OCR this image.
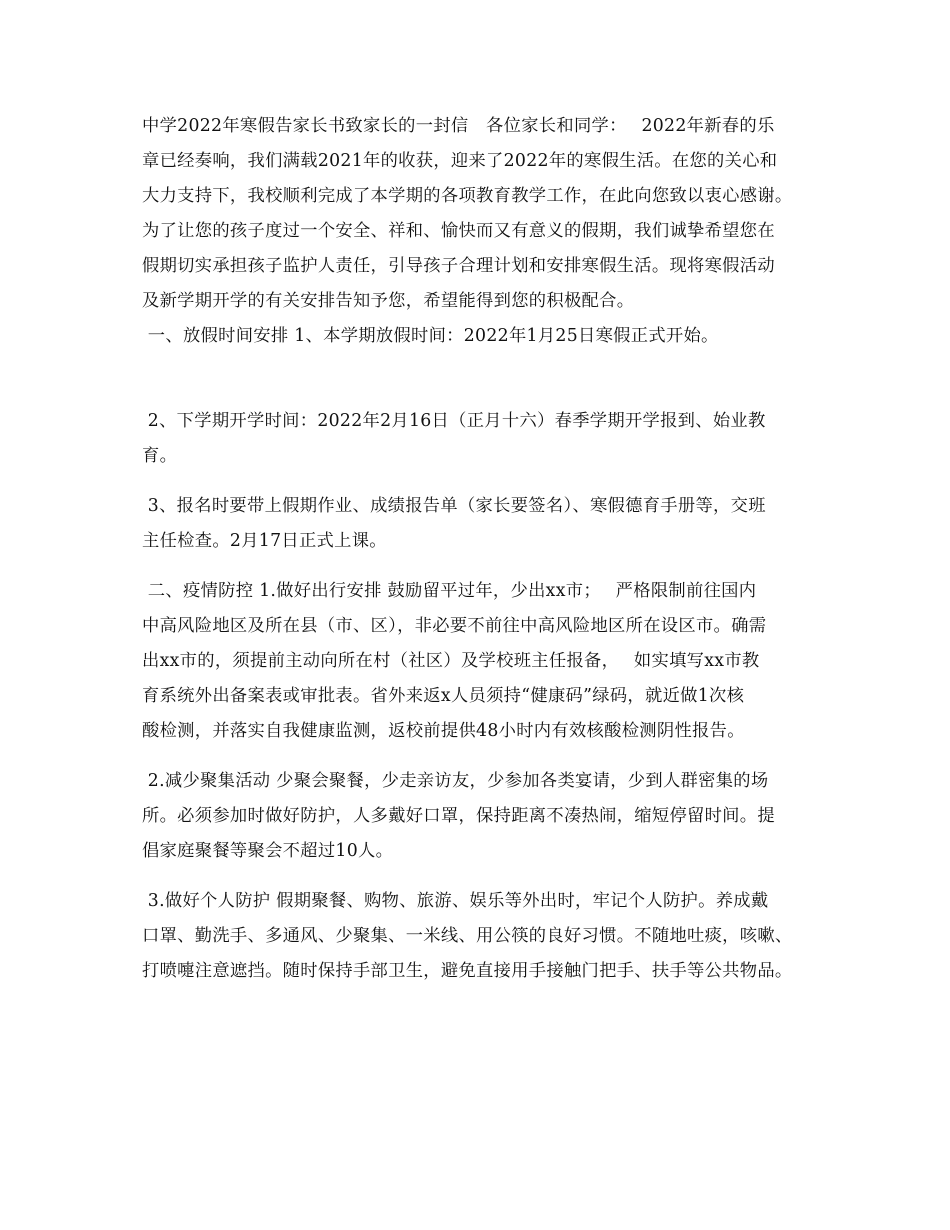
中学2022年寒假告家长书致家长的一封信　各位家长和同学：　 2022年新春的乐
章已经奏响，我们满载2021年的收获，迎来了2022年的寒假生活。在您的关心和
大力支持下，我校顺利完成了本学期的各项教育教学工作，在此向您致以衷心感谢。
为了让您的孩子度过一个安全、祥和、愉快而又有意义的假期，我们诚挚希望您在
假期切实承担孩子监护人责任，引导孩子合理计划和安排寒假生活。现将寒假活动
及新学期开学的有关安排告知予您，希望能得到您的积极配合。
一、放假时间安排 1、本学期放假时间：2022年1月25日寒假正式开始。
2、下学期开学时间：2022年2月16日（正月十六）春季学期开学报到、始业教
育。
3、报名时要带上假期作业、成绩报告单（家长要签名）、寒假德育手册等，交班
主任检查。2月17日正式上课。
二、疫情防控 1.做好出行安排 鼓励留平过年，少出xx市；　 严格限制前往国内
中高风险地区及所在县（市、区），非必要不前往中高风险地区所在设区市。确需
出xx市的，须提前主动向所在村（社区）及学校班主任报备，　 如实填写xx市教
育系统外出备案表或审批表。省外来返x人员须持“健康码”绿码，就近做1次核
酸检测，并落实自我健康监测，返校前提供48小时内有效核酸检测阴性报告。
2.减少聚集活动 少聚会聚餐，少走亲访友，少参加各类宴请，少到人群密集的场
所。必须参加时做好防护，人多戴好口罩，保持距离不凑热闹，缩短停留时间。提
倡家庭聚餐等聚会不超过10人。
3.做好个人防护 假期聚餐、购物、旅游、娱乐等外出时，牢记个人防护。养成戴
口罩、勤洗手、多通风、少聚集、一米线、用公筷的良好习惯。不随地吐痰，咳嗽、
打喷嚏注意遮挡。随时保持手部卫生，避免直接用手接触门把手、扶手等公共物品。
